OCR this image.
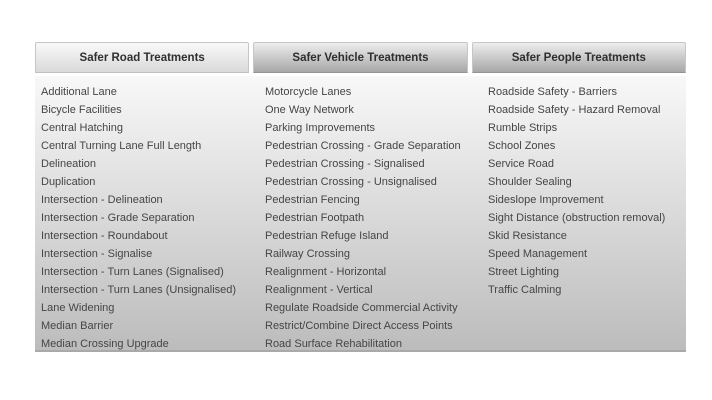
Safer Road Treatments	Safer Vehicle Treatments	Safer People Treatments
Additional Lane
Bicycle Facilities
Central Hatching
Central Turning Lane Full Length
Delineation
Duplication
Intersection - Delineation
Intersection - Grade Separation
Intersection - Roundabout
Intersection - Signalise
Intersection - Turn Lanes (Signalised)
Intersection - Turn Lanes (Unsignalised)
Lane Widening
Median Barrier
Median Crossing Upgrade
Motorcycle Lanes
One Way Network
Parking Improvements
Pedestrian Crossing - Grade Separation
Pedestrian Crossing - Signalised
Pedestrian Crossing - Unsignalised
Pedestrian Fencing
Pedestrian Footpath
Pedestrian Refuge Island
Railway Crossing
Realignment - Horizontal
Realignment - Vertical
Regulate Roadside Commercial Activity
Restrict/Combine Direct Access Points
Road Surface Rehabilitation
Roadside Safety - Barriers
Roadside Safety - Hazard Removal
Rumble Strips
School Zones
Service Road
Shoulder Sealing
Sideslope Improvement
Sight Distance (obstruction removal)
Skid Resistance
Speed Management
Street Lighting
Traffic Calming
